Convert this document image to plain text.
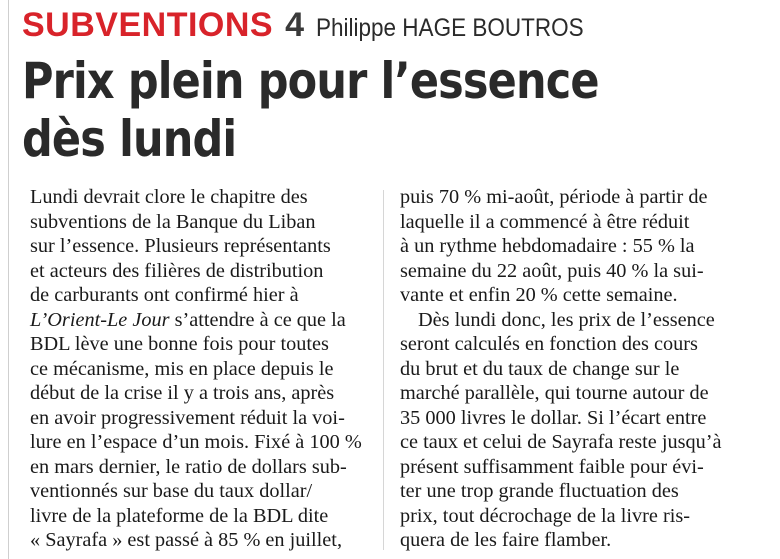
SUBVENTIONS 4 Philippe HAGE BOUTROS
Prix plein pour l’essence
dès lundi
Lundi devrait clore le chapitre des
subventions de la Banque du Liban
sur l’essence. Plusieurs représentants
et acteurs des filières de distribution
de carburants ont confirmé hier à
L’Orient-Le Jour s’attendre à ce que la
BDL lève une bonne fois pour toutes
ce mécanisme, mis en place depuis le
début de la crise il y a trois ans, après
en avoir progressivement réduit la voi-
lure en l’espace d’un mois. Fixé à 100 %
en mars dernier, le ratio de dollars sub-
ventionnés sur base du taux dollar/
livre de la plateforme de la BDL dite
« Sayrafa » est passé à 85 % en juillet,
puis 70 % mi-août, période à partir de
laquelle il a commencé à être réduit
à un rythme hebdomadaire : 55 % la
semaine du 22 août, puis 40 % la sui-
vante et enfin 20 % cette semaine.
Dès lundi donc, les prix de l’essence
seront calculés en fonction des cours
du brut et du taux de change sur le
marché parallèle, qui tourne autour de
35 000 livres le dollar. Si l’écart entre
ce taux et celui de Sayrafa reste jusqu’à
présent suffisamment faible pour évi-
ter une trop grande fluctuation des
prix, tout décrochage de la livre ris-
quera de les faire flamber.
